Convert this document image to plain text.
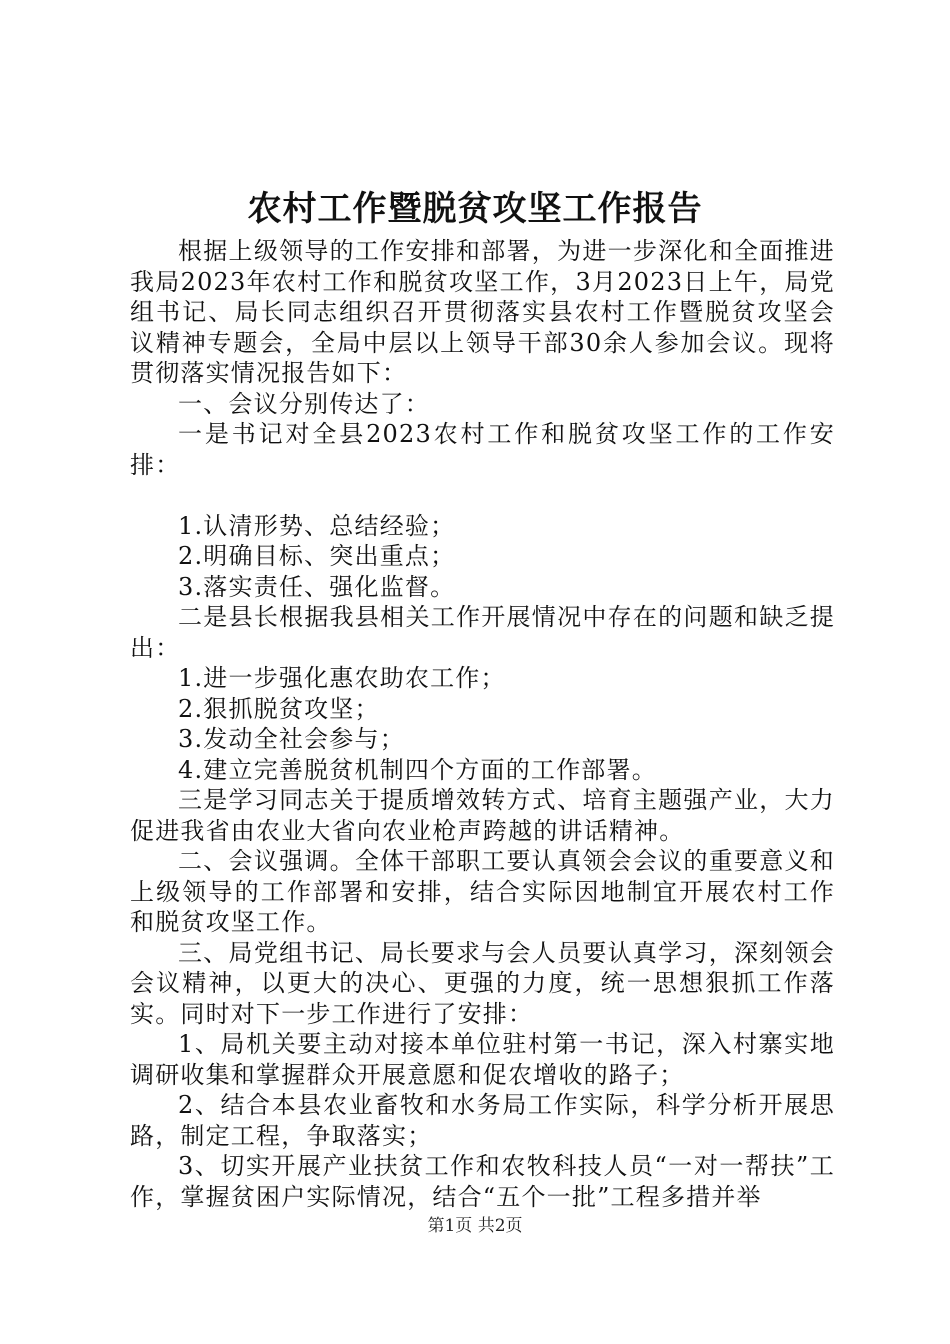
农村工作暨脱贫攻坚工作报告

根据上级领导的工作安排和部署，为进一步深化和全面推进我局2023年农村工作和脱贫攻坚工作，3月2023日上午，局党组书记、局长同志组织召开贯彻落实县农村工作暨脱贫攻坚会议精神专题会，全局中层以上领导干部30余人参加会议。现将贯彻落实情况报告如下：

一、会议分别传达了：

一是书记对全县2023农村工作和脱贫攻坚工作的工作安排：

1.认清形势、总结经验；

2.明确目标、突出重点；

3.落实责任、强化监督。

二是县长根据我县相关工作开展情况中存在的问题和缺乏提出：

1.进一步强化惠农助农工作；

2.狠抓脱贫攻坚；

3.发动全社会参与；

4.建立完善脱贫机制四个方面的工作部署。

三是学习同志关于提质增效转方式、培育主题强产业，大力促进我省由农业大省向农业枪声跨越的讲话精神。

二、会议强调。全体干部职工要认真领会会议的重要意义和上级领导的工作部署和安排，结合实际因地制宜开展农村工作和脱贫攻坚工作。

三、局党组书记、局长要求与会人员要认真学习，深刻领会会议精神，以更大的决心、更强的力度，统一思想狠抓工作落实。同时对下一步工作进行了安排：

1、局机关要主动对接本单位驻村第一书记，深入村寨实地调研收集和掌握群众开展意愿和促农增收的路子；

2、结合本县农业畜牧和水务局工作实际，科学分析开展思路，制定工程，争取落实；

3、切实开展产业扶贫工作和农牧科技人员“一对一帮扶”工作，掌握贫困户实际情况，结合“五个一批”工程多措并举

第1页 共2页
